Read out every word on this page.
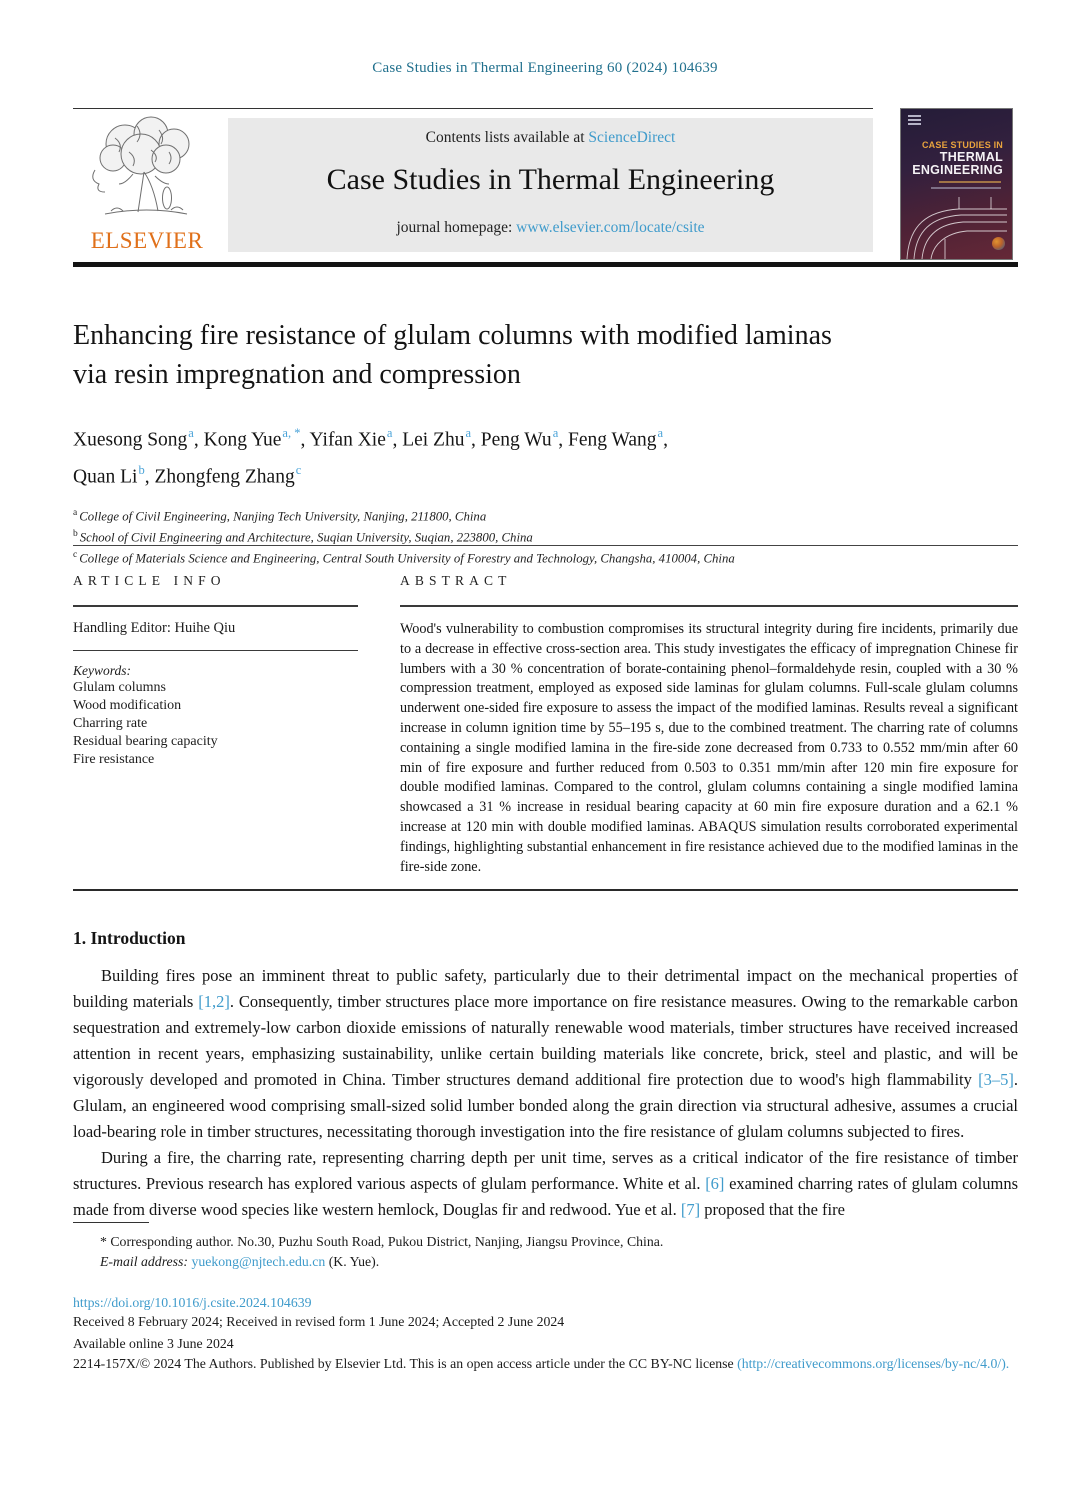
Case Studies in Thermal Engineering 60 (2024) 104639
ELSEVIER
Contents lists available at ScienceDirect
Case Studies in Thermal Engineering
journal homepage: www.elsevier.com/locate/csite
CASE STUDIES IN
THERMAL
ENGINEERING
Enhancing fire resistance of glulam columns with modified laminas
via resin impregnation and compression
Xuesong Song$^a$, Kong Yue$^{a, *}$, Yifan Xie$^a$, Lei Zhu$^a$, Peng Wu$^a$, Feng Wang$^a$,
Quan Li$^b$, Zhongfeng Zhang$^c$
$^a$ College of Civil Engineering, Nanjing Tech University, Nanjing, 211800, China
$^b$ School of Civil Engineering and Architecture, Suqian University, Suqian, 223800, China
$^c$ College of Materials Science and Engineering, Central South University of Forestry and Technology, Changsha, 410004, China
ARTICLE INFO
Handling Editor: Huihe Qiu
Keywords:
Glulam columns
Wood modification
Charring rate
Residual bearing capacity
Fire resistance
ABSTRACT
Wood's vulnerability to combustion compromises its structural integrity during fire incidents, primarily due to a decrease in effective cross-section area. This study investigates the efficacy of impregnation Chinese fir lumbers with a 30 % concentration of borate-containing phenol–formaldehyde resin, coupled with a 30 % compression treatment, employed as exposed side laminas for glulam columns. Full-scale glulam columns underwent one-sided fire exposure to assess the impact of the modified laminas. Results reveal a significant increase in column ignition time by 55–195 s, due to the combined treatment. The charring rate of columns containing a single modified lamina in the fire-side zone decreased from 0.733 to 0.552 mm/min after 60 min of fire exposure and further reduced from 0.503 to 0.351 mm/min after 120 min fire exposure for double modified laminas. Compared to the control, glulam columns containing a single modified lamina showcased a 31 % increase in residual bearing capacity at 60 min fire exposure duration and a 62.1 % increase at 120 min with double modified laminas. ABAQUS simulation results corroborated experimental findings, highlighting substantial enhancement in fire resistance achieved due to the modified laminas in the fire-side zone.
1. Introduction

Building fires pose an imminent threat to public safety, particularly due to their detrimental impact on the mechanical properties of building materials [1,2]. Consequently, timber structures place more importance on fire resistance measures. Owing to the remarkable carbon sequestration and extremely-low carbon dioxide emissions of naturally renewable wood materials, timber structures have received increased attention in recent years, emphasizing sustainability, unlike certain building materials like concrete, brick, steel and plastic, and will be vigorously developed and promoted in China. Timber structures demand additional fire protection due to wood's high flammability [3–5]. Glulam, an engineered wood comprising small-sized solid lumber bonded along the grain direction via structural adhesive, assumes a crucial load-bearing role in timber structures, necessitating thorough investigation into the fire resistance of glulam columns subjected to fires.

During a fire, the charring rate, representing charring depth per unit time, serves as a critical indicator of the fire resistance of timber structures. Previous research has explored various aspects of glulam performance. White et al. [6] examined charring rates of glulam columns made from diverse wood species like western hemlock, Douglas fir and redwood. Yue et al. [7] proposed that the fire

* Corresponding author. No.30, Puzhu South Road, Pukou District, Nanjing, Jiangsu Province, China.
E-mail address: yuekong@njtech.edu.cn (K. Yue).
https://doi.org/10.1016/j.csite.2024.104639
Received 8 February 2024; Received in revised form 1 June 2024; Accepted 2 June 2024
Available online 3 June 2024
2214-157X/© 2024 The Authors. Published by Elsevier Ltd. This is an open access article under the CC BY-NC license (http://creativecommons.org/licenses/by-nc/4.0/).
